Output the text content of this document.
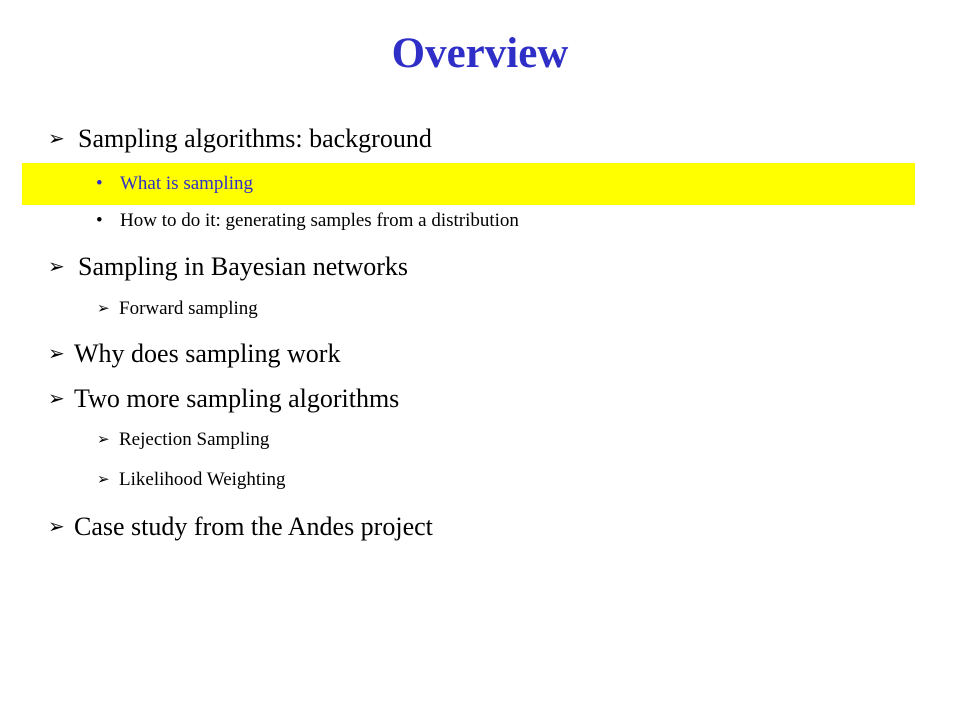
Overview
➢ Sampling algorithms: background
• What is sampling
• How to do it: generating samples from a distribution
➢ Sampling in Bayesian networks
➢ Forward sampling
➢ Why does sampling work
➢ Two more sampling algorithms
➢ Rejection Sampling
➢ Likelihood Weighting
➢ Case study from the Andes project
